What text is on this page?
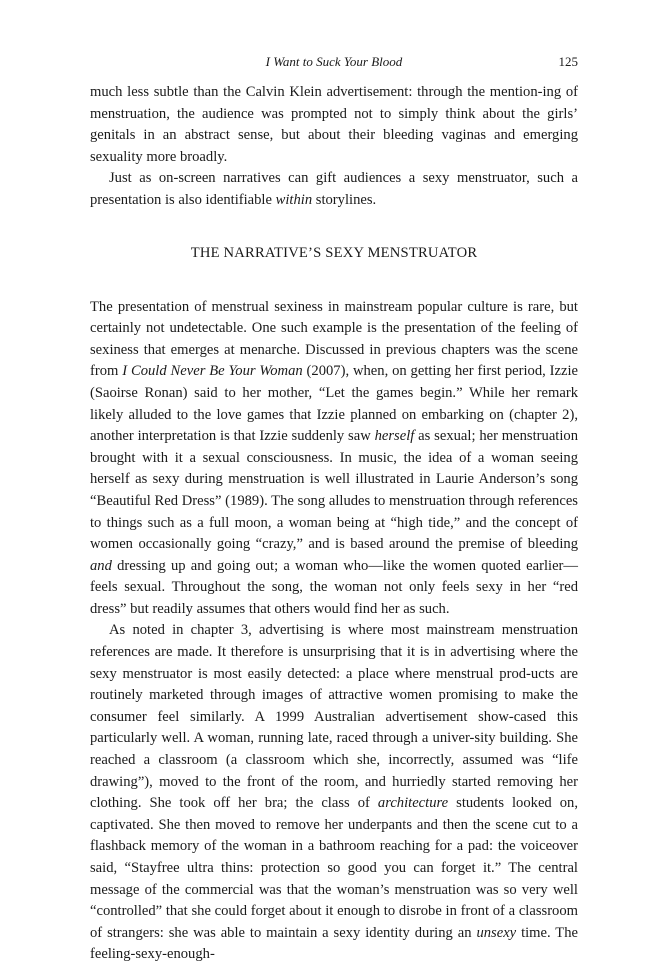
I Want to Suck Your Blood	125

much less subtle than the Calvin Klein advertisement: through the mention-ing of menstruation, the audience was prompted not to simply think about the girls’ genitals in an abstract sense, but about their bleeding vaginas and emerging sexuality more broadly.

Just as on-screen narratives can gift audiences a sexy menstruator, such a presentation is also identifiable within storylines.

THE NARRATIVE’S SEXY MENSTRUATOR

The presentation of menstrual sexiness in mainstream popular culture is rare, but certainly not undetectable. One such example is the presentation of the feeling of sexiness that emerges at menarche. Discussed in previous chapters was the scene from I Could Never Be Your Woman (2007), when, on getting her first period, Izzie (Saoirse Ronan) said to her mother, “Let the games begin.” While her remark likely alluded to the love games that Izzie planned on embarking on (chapter 2), another interpretation is that Izzie suddenly saw herself as sexual; her menstruation brought with it a sexual consciousness. In music, the idea of a woman seeing herself as sexy during menstruation is well illustrated in Laurie Anderson’s song “Beautiful Red Dress” (1989). The song alludes to menstruation through references to things such as a full moon, a woman being at “high tide,” and the concept of women occasionally going “crazy,” and is based around the premise of bleeding and dressing up and going out; a woman who—like the women quoted earlier—feels sexual. Throughout the song, the woman not only feels sexy in her “red dress” but readily assumes that others would find her as such.

As noted in chapter 3, advertising is where most mainstream menstruation references are made. It therefore is unsurprising that it is in advertising where the sexy menstruator is most easily detected: a place where menstrual prod-ucts are routinely marketed through images of attractive women promising to make the consumer feel similarly. A 1999 Australian advertisement show-cased this particularly well. A woman, running late, raced through a univer-sity building. She reached a classroom (a classroom which she, incorrectly, assumed was “life drawing”), moved to the front of the room, and hurriedly started removing her clothing. She took off her bra; the class of architecture students looked on, captivated. She then moved to remove her underpants and then the scene cut to a flashback memory of the woman in a bathroom reaching for a pad: the voiceover said, “Stayfree ultra thins: protection so good you can forget it.” The central message of the commercial was that the woman’s menstruation was so very well “controlled” that she could forget about it enough to disrobe in front of a classroom of strangers: she was able to maintain a sexy identity during an unsexy time. The feeling-sexy-enough-
